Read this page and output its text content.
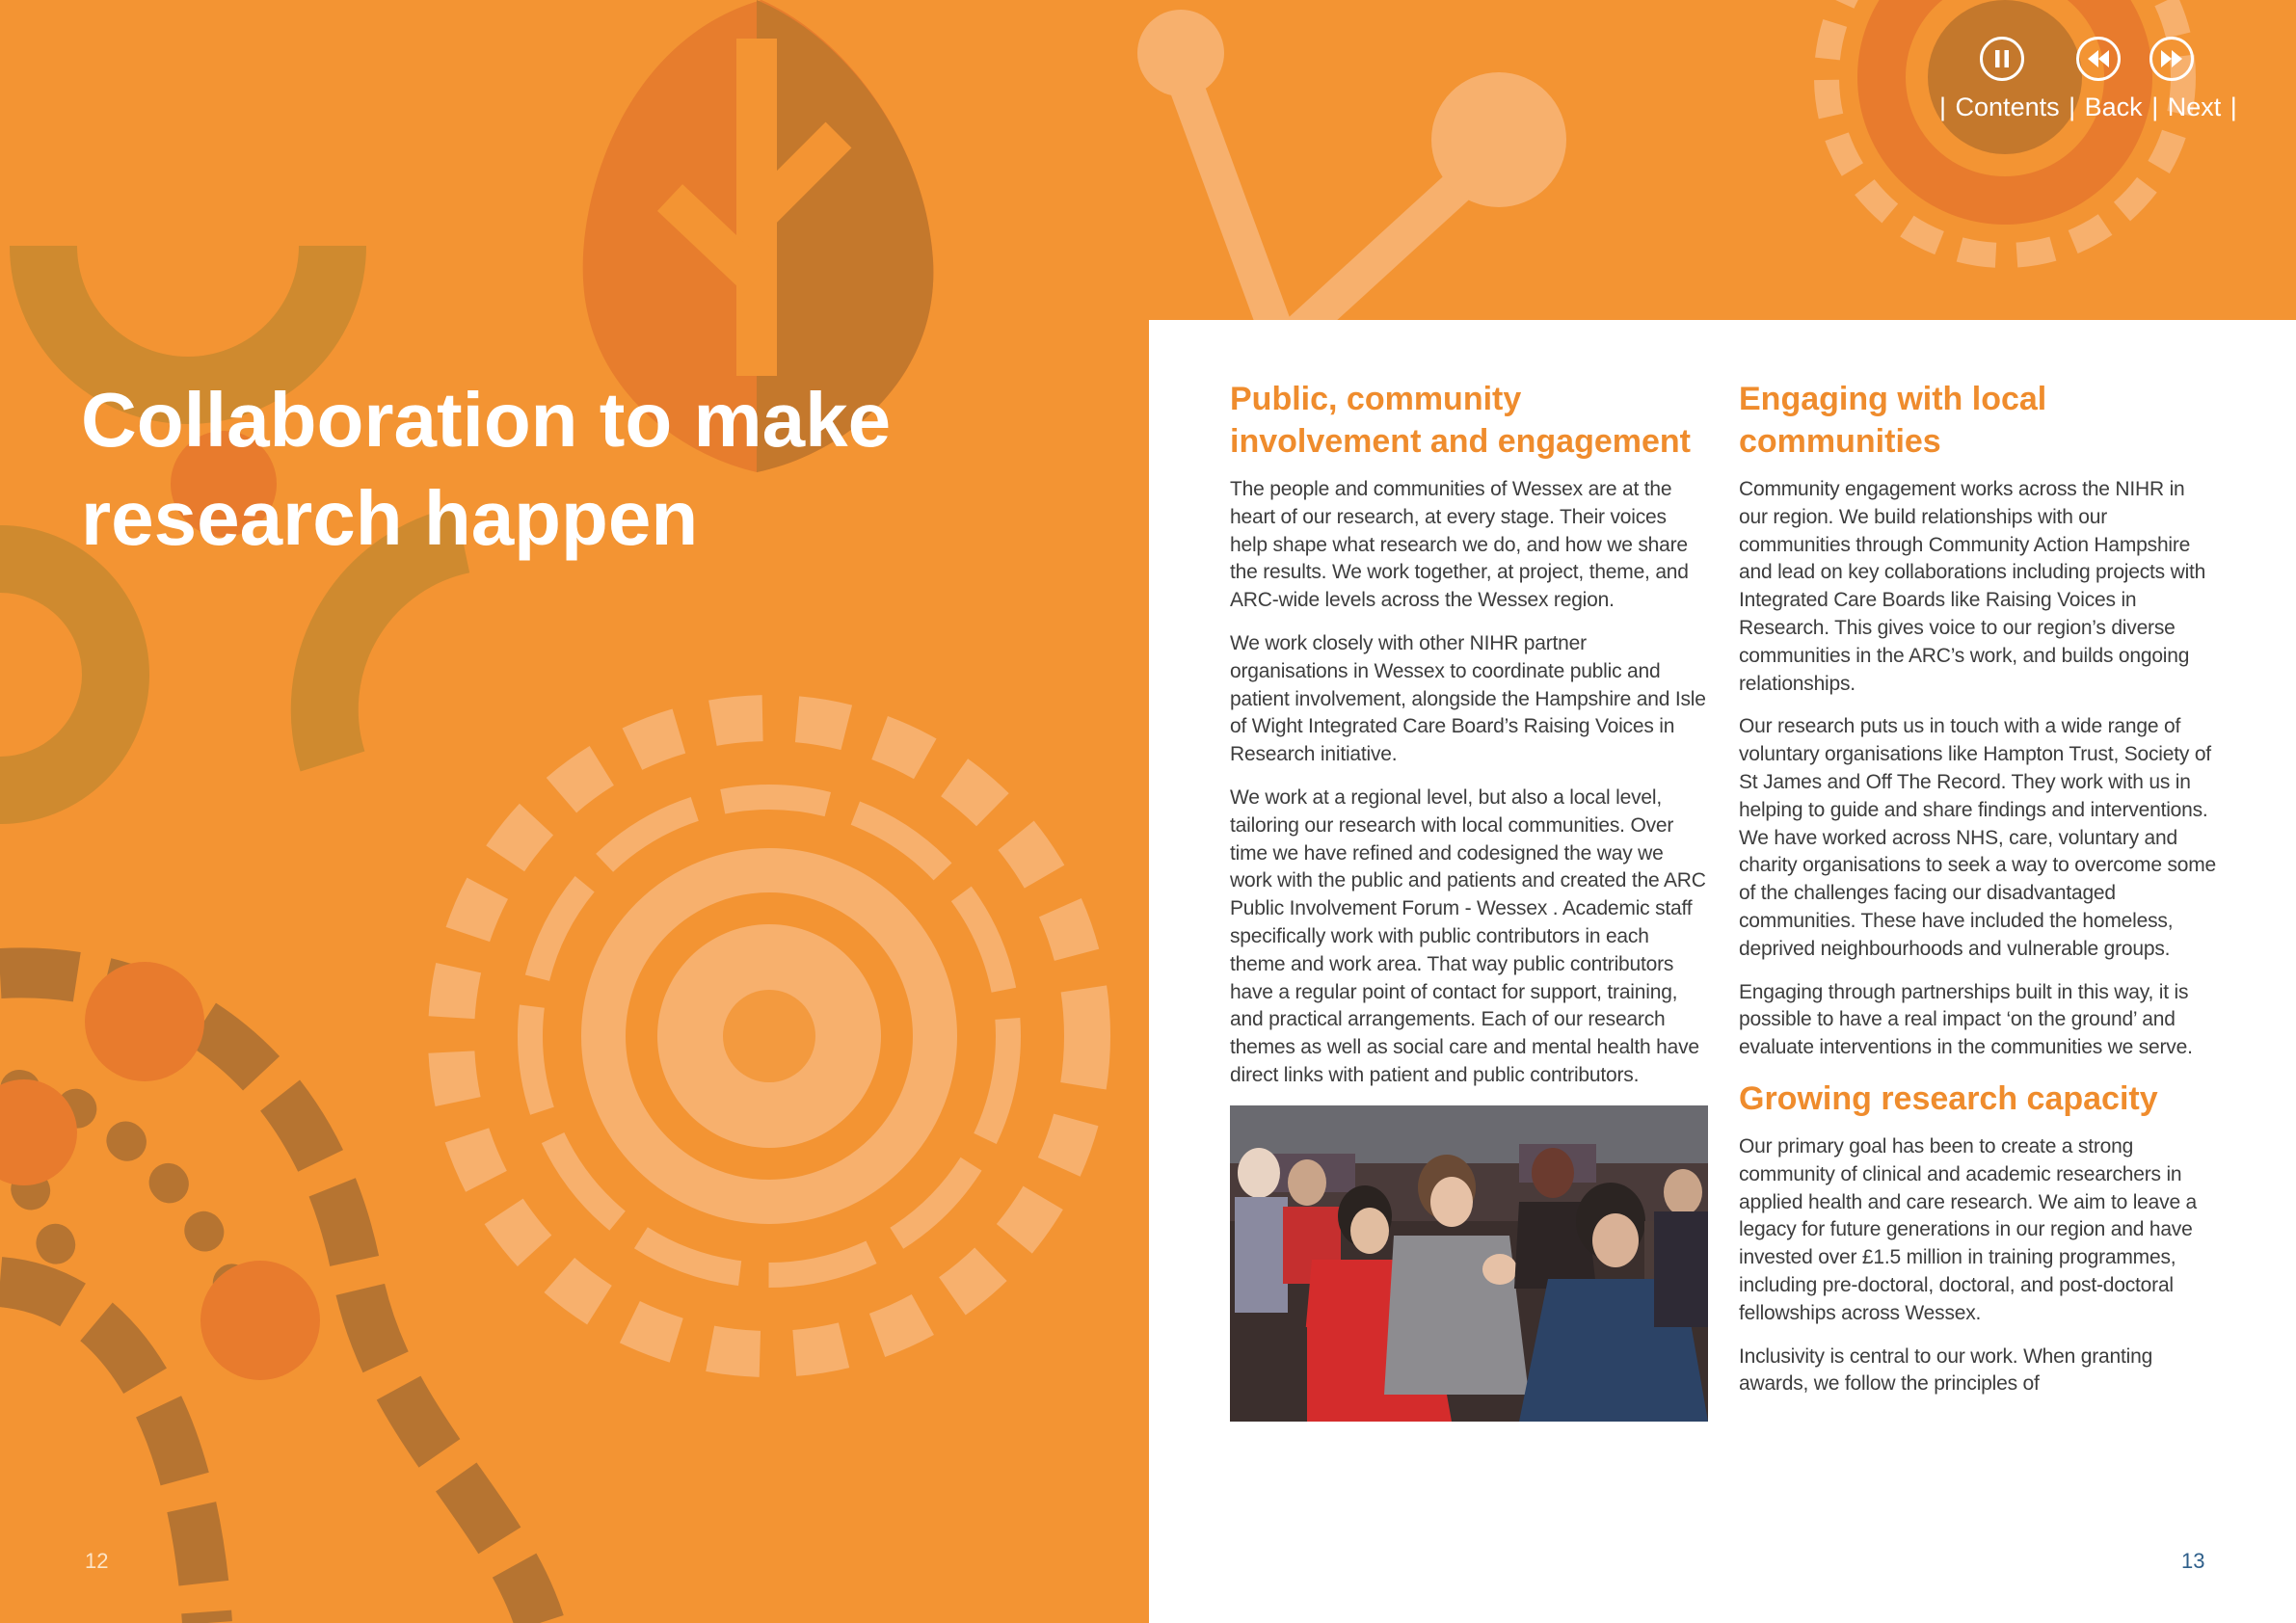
| Contents | Back | Next |
Collaboration to make
research happen
12
Public, community
involvement and engagement

The people and communities of Wessex are at the heart of our research, at every stage. Their voices help shape what research we do, and how we share the results. We work together, at project, theme, and ARC-wide levels across the Wessex region.

We work closely with other NIHR partner organisations in Wessex to coordinate public and patient involvement, alongside the Hampshire and Isle of Wight Integrated Care Board’s Raising Voices in Research initiative.

We work at a regional level, but also a local level, tailoring our research with local communities. Over time we have refined and codesigned the way we work with the public and patients and created the ARC Public Involvement Forum - Wessex . Academic staff specifically work with public contributors in each theme and work area. That way public contributors have a regular point of contact for support, training, and practical arrangements. Each of our research themes as well as social care and mental health have direct links with patient and public contributors.

Engaging with local
communities

Community engagement works across the NIHR in our region. We build relationships with our communities through Community Action Hampshire and lead on key collaborations including projects with Integrated Care Boards like Raising Voices in Research. This gives voice to our region’s diverse communities in the ARC’s work, and builds ongoing relationships.

Our research puts us in touch with a wide range of voluntary organisations like Hampton Trust, Society of St James and Off The Record. They work with us in helping to guide and share findings and interventions. We have worked across NHS, care, voluntary and charity organisations to seek a way to overcome some of the challenges facing our disadvantaged communities. These have included the homeless, deprived neighbourhoods and vulnerable groups.

Engaging through partnerships built in this way, it is possible to have a real impact ‘on the ground’ and evaluate interventions in the communities we serve.

Growing research capacity

Our primary goal has been to create a strong community of clinical and academic researchers in applied health and care research. We aim to leave a legacy for future generations in our region and have invested over £1.5 million in training programmes, including pre-doctoral, doctoral, and post-doctoral fellowships across Wessex.

Inclusivity is central to our work. When granting awards, we follow the principles of

13
